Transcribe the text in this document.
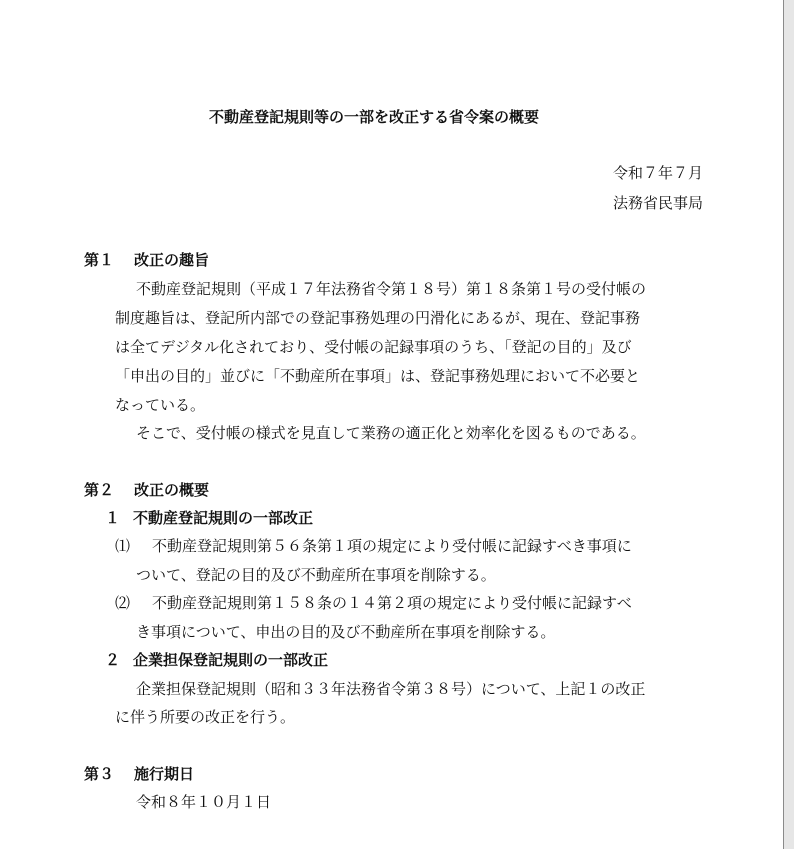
不動産登記規則等の一部を改正する省令案の概要
令和７年７月
法務省民事局
第１ 改正の趣旨
不動産登記規則（平成１７年法務省令第１８号）第１８条第１号の受付帳の
制度趣旨は、登記所内部での登記事務処理の円滑化にあるが、現在、登記事務
は全てデジタル化されており、受付帳の記録事項のうち、「登記の目的」及び
「申出の目的」並びに「不動産所在事項」は、登記事務処理において不必要と
なっている。
そこで、受付帳の様式を見直して業務の適正化と効率化を図るものである。
第２ 改正の概要
１ 不動産登記規則の一部改正
⑴ 不動産登記規則第５６条第１項の規定により受付帳に記録すべき事項に
ついて、登記の目的及び不動産所在事項を削除する。
⑵ 不動産登記規則第１５８条の１４第２項の規定により受付帳に記録すべ
き事項について、申出の目的及び不動産所在事項を削除する。
２ 企業担保登記規則の一部改正
企業担保登記規則（昭和３３年法務省令第３８号）について、上記１の改正
に伴う所要の改正を行う。
第３ 施行期日
令和８年１０月１日
